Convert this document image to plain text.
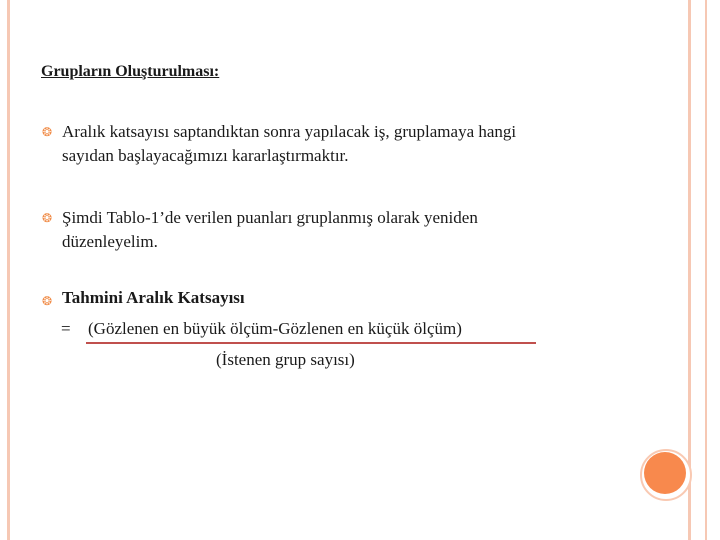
Grupların Oluşturulması:
❂ Aralık katsayısı saptandıktan sonra yapılacak iş, gruplamaya hangi
sayıdan başlayacağımızı kararlaştırmaktır.
❂ Şimdi Tablo-1’de verilen puanları gruplanmış olarak yeniden
düzenleyelim.
❂ Tahmini Aralık Katsayısı
= (Gözlenen en büyük ölçüm-Gözlenen en küçük ölçüm)
(İstenen grup sayısı)
